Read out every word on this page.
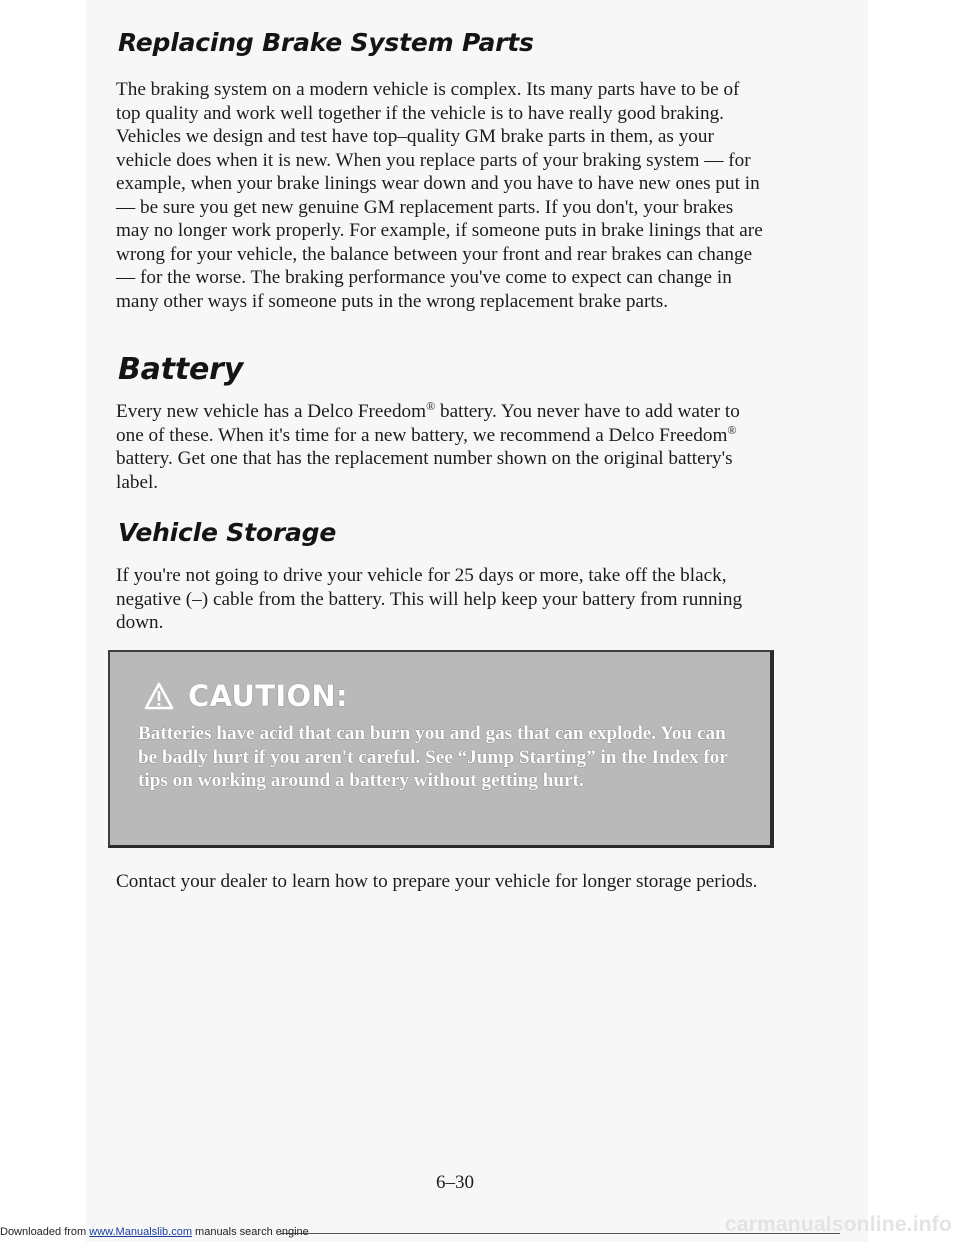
Replacing Brake System Parts

The braking system on a modern vehicle is complex. Its many parts have to be of top quality and work well together if the vehicle is to have really good braking. Vehicles we design and test have top–quality GM brake parts in them, as your vehicle does when it is new. When you replace parts of your braking system — for example, when your brake linings wear down and you have to have new ones put in — be sure you get new genuine GM replacement parts. If you don't, your brakes may no longer work properly. For example, if someone puts in brake linings that are wrong for your vehicle, the balance between your front and rear brakes can change — for the worse. The braking performance you've come to expect can change in many other ways if someone puts in the wrong replacement brake parts.

Battery

Every new vehicle has a Delco Freedom® battery. You never have to add water to one of these. When it's time for a new battery, we recommend a Delco Freedom® battery. Get one that has the replacement number shown on the original battery's label.

Vehicle Storage

If you're not going to drive your vehicle for 25 days or more, take off the black, negative (–) cable from the battery. This will help keep your battery from running down.

CAUTION:

Batteries have acid that can burn you and gas that can explode. You can be badly hurt if you aren't careful. See “Jump Starting” in the Index for tips on working around a battery without getting hurt.

Contact your dealer to learn how to prepare your vehicle for longer storage periods.

6–30
Downloaded from www.Manualslib.com manuals search engine	carmanualsonline.info
